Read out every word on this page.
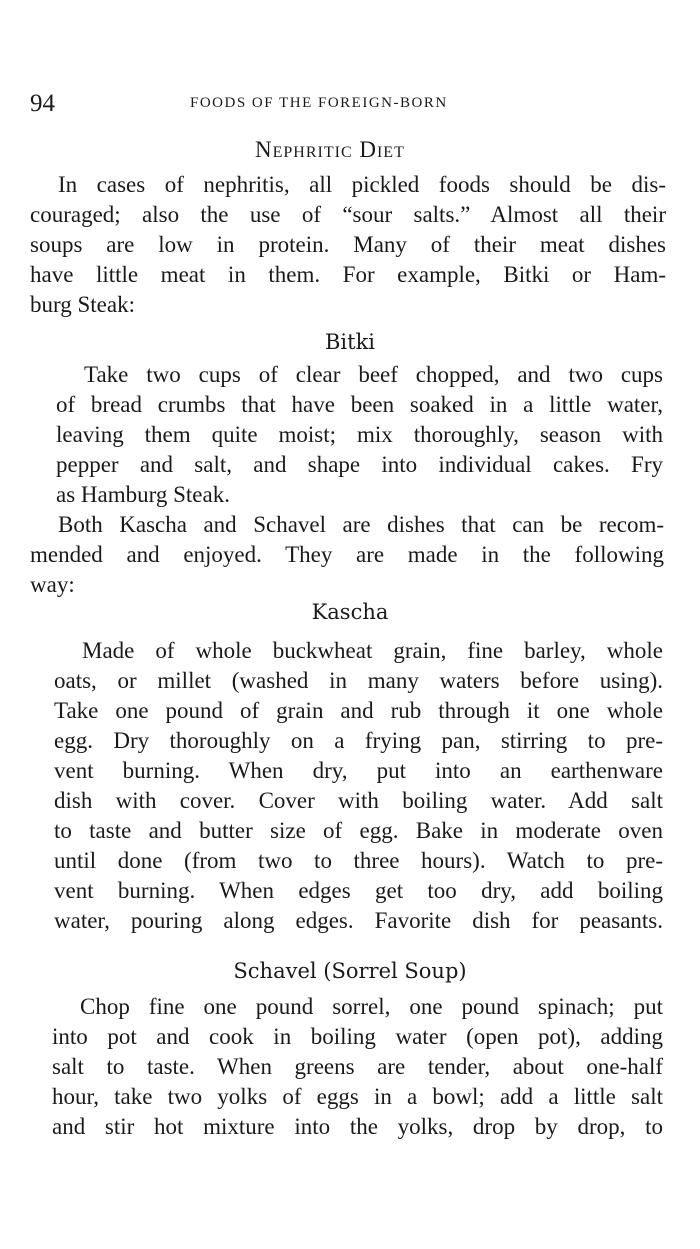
94	FOODS OF THE FOREIGN-BORN
Nephritic Diet

In cases of nephritis, all pickled foods should be dis-
couraged; also the use of “sour salts.” Almost all their
soups are low in protein. Many of their meat dishes
have little meat in them. For example, Bitki or Ham-
burg Steak:

Bitki

Take two cups of clear beef chopped, and two cups
of bread crumbs that have been soaked in a little water,
leaving them quite moist; mix thoroughly, season with
pepper and salt, and shape into individual cakes. Fry
as Hamburg Steak.

Both Kascha and Schavel are dishes that can be recom-
mended and enjoyed. They are made in the following
way:

Kascha

Made of whole buckwheat grain, fine barley, whole
oats, or millet (washed in many waters before using).
Take one pound of grain and rub through it one whole
egg. Dry thoroughly on a frying pan, stirring to pre-
vent burning. When dry, put into an earthenware
dish with cover. Cover with boiling water. Add salt
to taste and butter size of egg. Bake in moderate oven
until done (from two to three hours). Watch to pre-
vent burning. When edges get too dry, add boiling
water, pouring along edges. Favorite dish for peasants.

Schavel (Sorrel Soup)

Chop fine one pound sorrel, one pound spinach; put
into pot and cook in boiling water (open pot), adding
salt to taste. When greens are tender, about one-half
hour, take two yolks of eggs in a bowl; add a little salt
and stir hot mixture into the yolks, drop by drop, to
